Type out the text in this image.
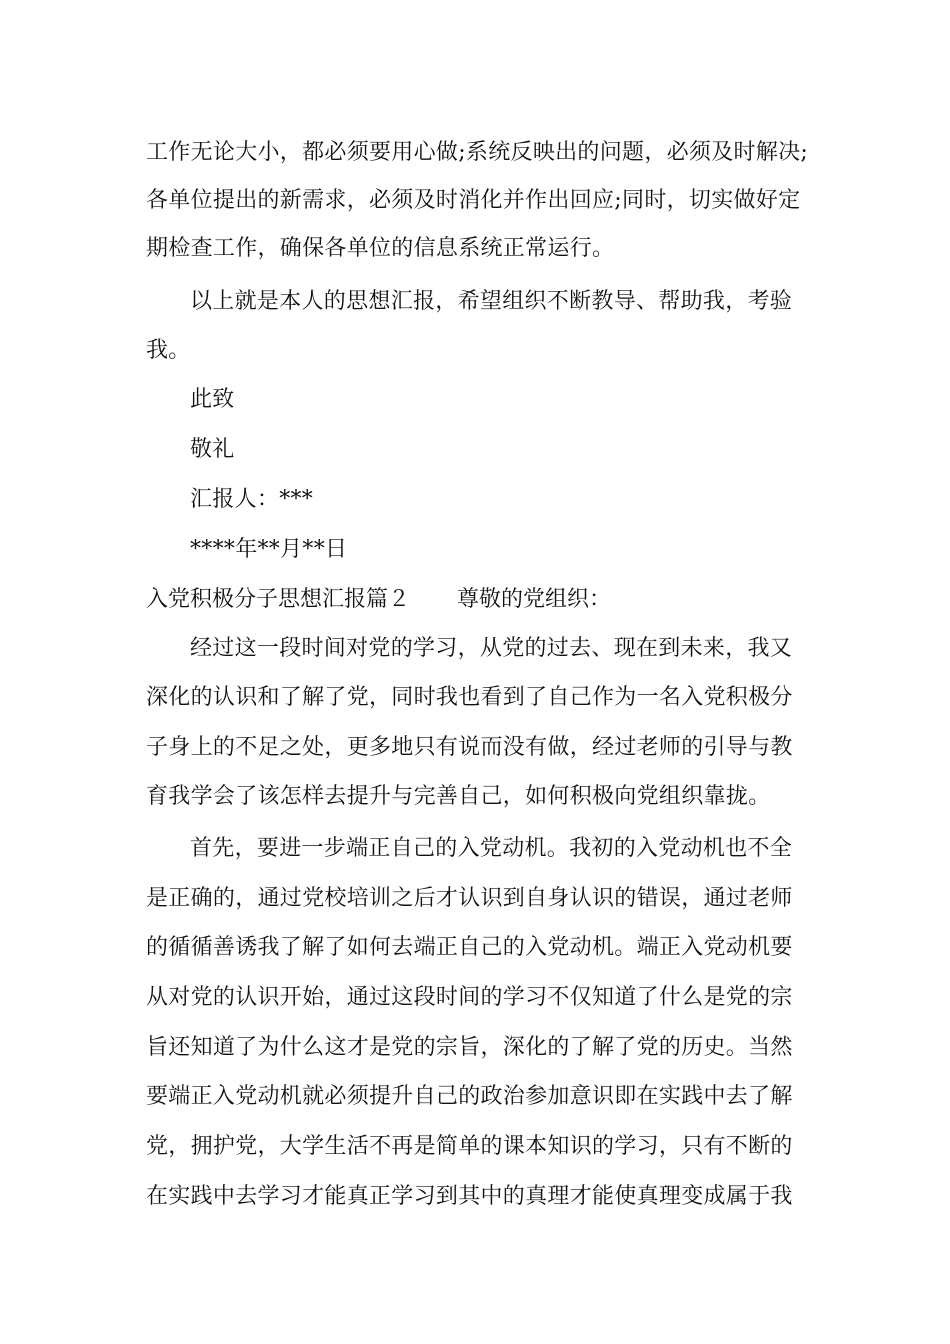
工作无论大小，都必须要用心做;系统反映出的问题，必须及时解决;
各单位提出的新需求，必须及时消化并作出回应;同时，切实做好定
期检查工作，确保各单位的信息系统正常运行。
以上就是本人的思想汇报，希望组织不断教导、帮助我，考验
我。
此致
敬礼
汇报人：***
****年**月**日
入党积极分子思想汇报篇２ 尊敬的党组织：
经过这一段时间对党的学习，从党的过去、现在到未来，我又
深化的认识和了解了党，同时我也看到了自己作为一名入党积极分
子身上的不足之处，更多地只有说而没有做，经过老师的引导与教
育我学会了该怎样去提升与完善自己，如何积极向党组织靠拢。
首先，要进一步端正自己的入党动机。我初的入党动机也不全
是正确的，通过党校培训之后才认识到自身认识的错误，通过老师
的循循善诱我了解了如何去端正自己的入党动机。端正入党动机要
从对党的认识开始，通过这段时间的学习不仅知道了什么是党的宗
旨还知道了为什么这才是党的宗旨，深化的了解了党的历史。当然
要端正入党动机就必须提升自己的政治参加意识即在实践中去了解
党，拥护党，大学生活不再是简单的课本知识的学习，只有不断的
在实践中去学习才能真正学习到其中的真理才能使真理变成属于我
